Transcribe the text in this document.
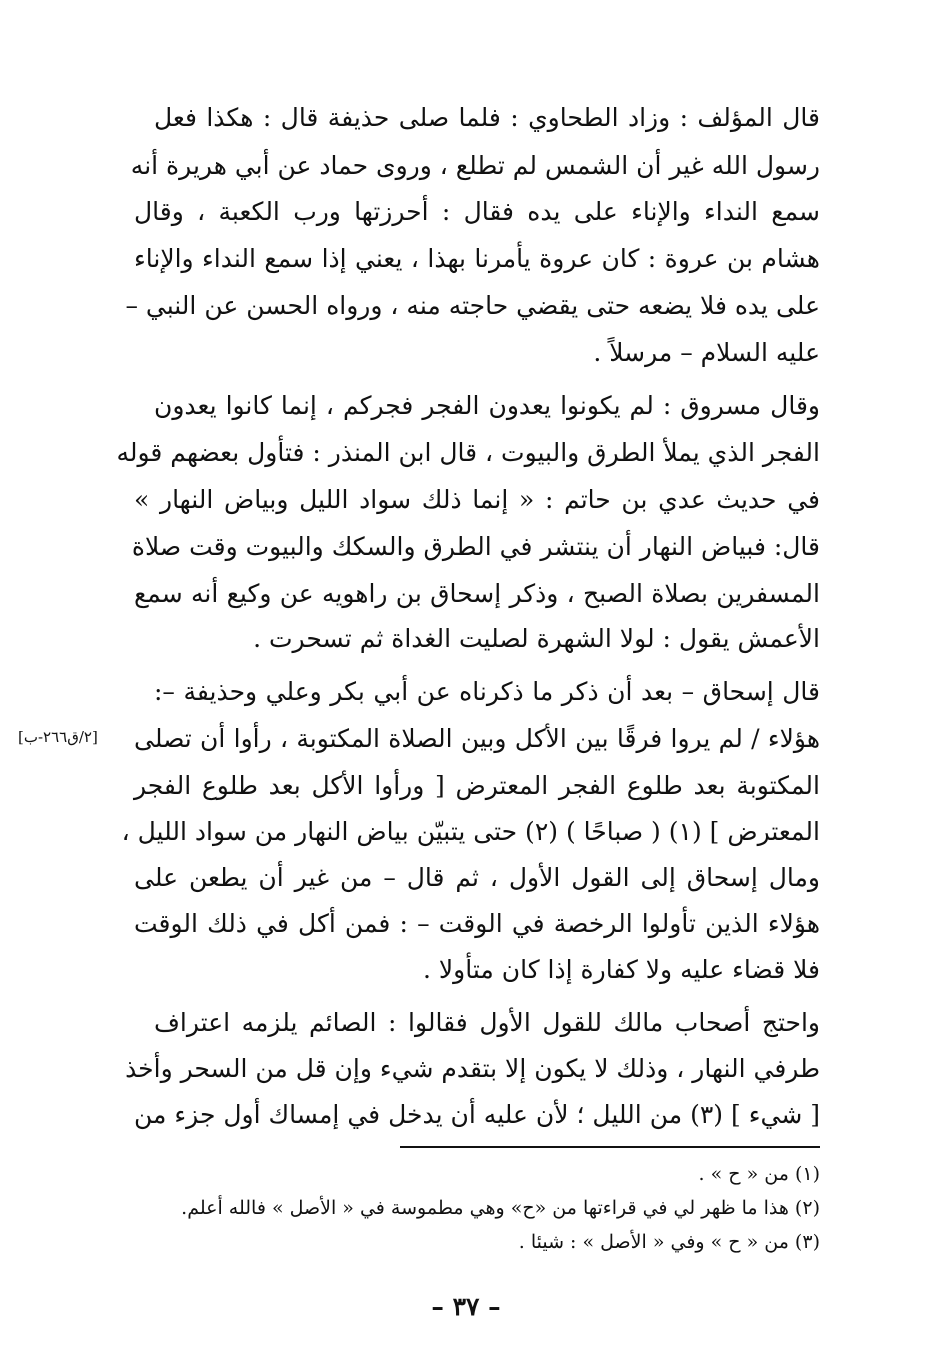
قال المؤلف : وزاد الطحاوي : فلما صلى حذيفة قال : هكذا فعل
رسول الله غير أن الشمس لم تطلع ، وروى حماد عن أبي هريرة أنه
سمع النداء والإناء على يده فقال : أحرزتها ورب الكعبة ، وقال
هشام بن عروة : كان عروة يأمرنا بهذا ، يعني إذا سمع النداء والإناء
على يده فلا يضعه حتى يقضي حاجته منه ، ورواه الحسن عن النبي –
عليه السلام – مرسلاً .
وقال مسروق : لم يكونوا يعدون الفجر فجركم ، إنما كانوا يعدون
الفجر الذي يملأ الطرق والبيوت ، قال ابن المنذر : فتأول بعضهم قوله
في حديث عدي بن حاتم : « إنما ذلك سواد الليل وبياض النهار »
قال: فبياض النهار أن ينتشر في الطرق والسكك والبيوت وقت صلاة
المسفرين بصلاة الصبح ، وذكر إسحاق بن راهويه عن وكيع أنه سمع
الأعمش يقول : لولا الشهرة لصليت الغداة ثم تسحرت .
قال إسحاق – بعد أن ذكر ما ذكرناه عن أبي بكر وعلي وحذيفة –:
هؤلاء / لم يروا فرقًا بين الأكل وبين الصلاة المكتوبة ، رأوا أن تصلى
المكتوبة بعد طلوع الفجر المعترض [ ورأوا الأكل بعد طلوع الفجر
المعترض ] (١) ( صباحًا ) (٢) حتى يتبيّن بياض النهار من سواد الليل ،
ومال إسحاق إلى القول الأول ، ثم قال – من غير أن يطعن على
هؤلاء الذين تأولوا الرخصة في الوقت – : فمن أكل في ذلك الوقت
فلا قضاء عليه ولا كفارة إذا كان متأولا .
واحتج أصحاب مالك للقول الأول فقالوا : الصائم يلزمه اعتراف
طرفي النهار ، وذلك لا يكون إلا بتقدم شيء وإن قل من السحر وأخذ
[ شيء ] (٣) من الليل ؛ لأن عليه أن يدخل في إمساك أول جزء من
[٢/ق٢٦٦-ب]
(١) من « ح » .
(٢) هذا ما ظهر لي في قراءتها من «ح» وهي مطموسة في « الأصل » فالله أعلم.
(٣) من « ح » وفي « الأصل » : شيئا .
– ٣٧ –
